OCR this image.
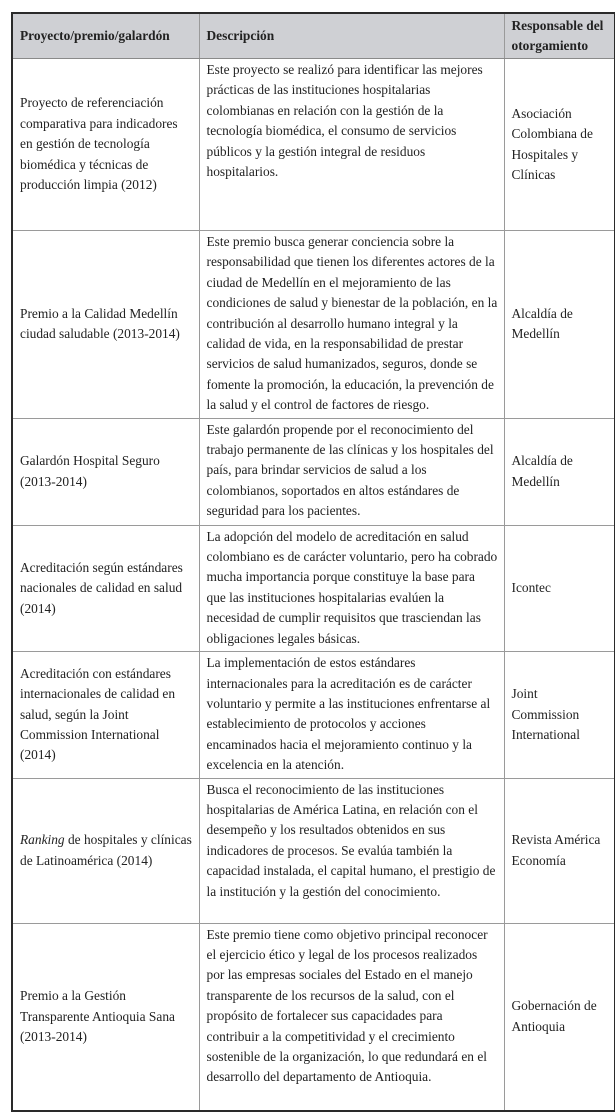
Proyecto/premio/galardón	Descripción	Responsable del otorgamiento
Proyecto de referenciación comparativa para indicadores en gestión de tecnología biomédica y técnicas de producción limpia (2012)	Este proyecto se realizó para identificar las mejores prácticas de las instituciones hospitalarias colombianas en relación con la gestión de la tecnología biomédica, el consumo de servicios públicos y la gestión integral de residuos hospitalarios.	Asociación Colombiana de Hospitales y Clínicas
Premio a la Calidad Medellín ciudad saludable (2013-2014)	Este premio busca generar conciencia sobre la responsabilidad que tienen los diferentes actores de la ciudad de Medellín en el mejoramiento de las condiciones de salud y bienestar de la población, en la contribución al desarrollo humano integral y la calidad de vida, en la responsabilidad de prestar servicios de salud humanizados, seguros, donde se fomente la promoción, la educación, la prevención de la salud y el control de factores de riesgo.	Alcaldía de Medellín
Galardón Hospital Seguro (2013-2014)	Este galardón propende por el reconocimiento del trabajo permanente de las clínicas y los hospitales del país, para brindar servicios de salud a los colombianos, soportados en altos estándares de seguridad para los pacientes.	Alcaldía de Medellín
Acreditación según estándares nacionales de calidad en salud (2014)	La adopción del modelo de acreditación en salud colombiano es de carácter voluntario, pero ha cobrado mucha importancia porque constituye la base para que las instituciones hospitalarias evalúen la necesidad de cumplir requisitos que trasciendan las obligaciones legales básicas.	Icontec
Acreditación con estándares internacionales de calidad en salud, según la Joint Commission International (2014)	La implementación de estos estándares internacionales para la acreditación es de carácter voluntario y permite a las instituciones enfrentarse al establecimiento de protocolos y acciones encaminados hacia el mejoramiento continuo y la excelencia en la atención.	Joint Commission International
Ranking de hospitales y clínicas de Latinoamérica (2014)	Busca el reconocimiento de las instituciones hospitalarias de América Latina, en relación con el desempeño y los resultados obtenidos en sus indicadores de procesos. Se evalúa también la capacidad instalada, el capital humano, el prestigio de la institución y la gestión del conocimiento.	Revista América Economía
Premio a la Gestión Transparente Antioquia Sana (2013-2014)	Este premio tiene como objetivo principal reconocer el ejercicio ético y legal de los procesos realizados por las empresas sociales del Estado en el manejo transparente de los recursos de la salud, con el propósito de fortalecer sus capacidades para contribuir a la competitividad y el crecimiento sostenible de la organización, lo que redundará en el desarrollo del departamento de Antioquia.	Gobernación de Antioquia
